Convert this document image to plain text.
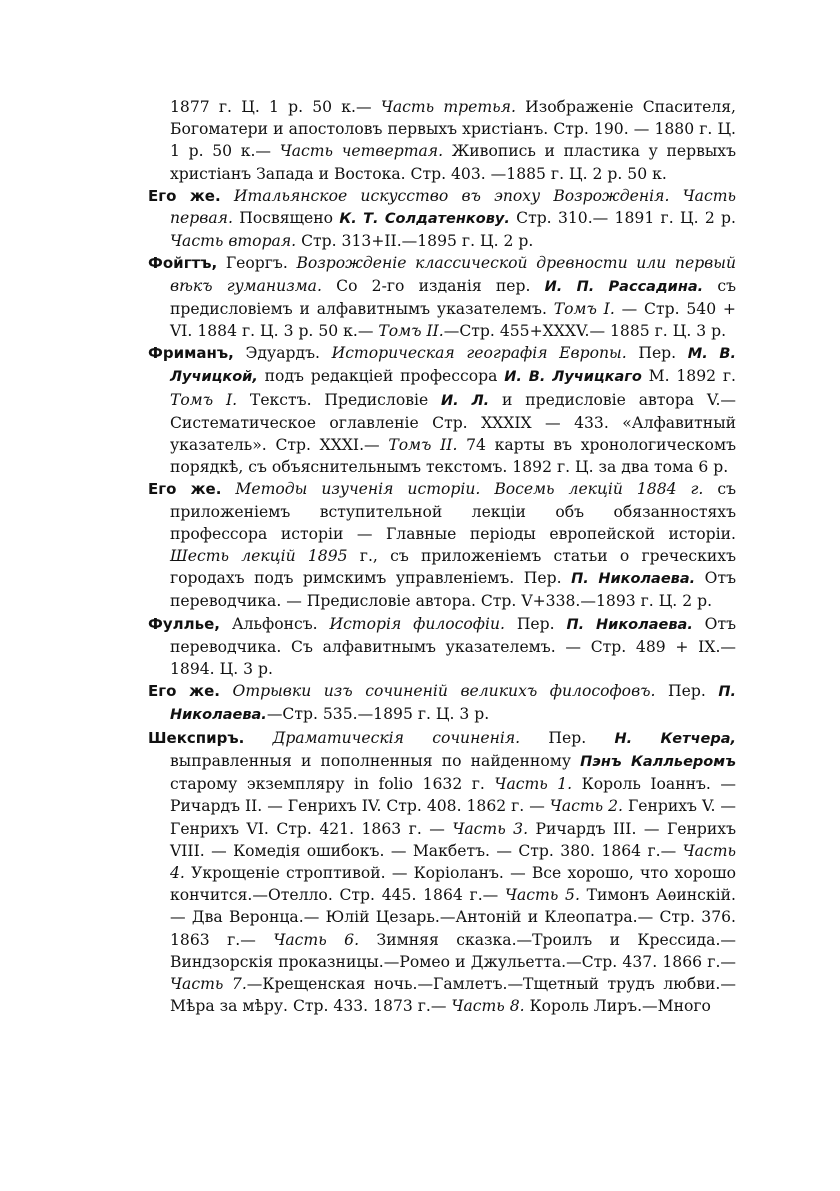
1877 г. Ц. 1 р. 50 к.— Часть третья. Изображеніе Спасителя, Богоматери и апостоловъ первыхъ христіанъ. Стр. 190. — 1880 г. Ц. 1 р. 50 к.— Часть четвертая. Живопись и пластика у первыхъ христіанъ Запада и Востока. Стр. 403. —1885 г. Ц. 2 р. 50 к.
Его же. Итальянское искусство въ эпоху Возрожденія. Часть первая. Посвящено К. Т. Солдатенкову. Стр. 310.— 1891 г. Ц. 2 р. Часть вторая. Стр. 313+II.—1895 г. Ц. 2 р.
Фойгтъ, Георгъ. Возрожденіе классической древности или первый вѣкъ гуманизма. Со 2-го изданія пер. И. П. Рассадина. съ предисловіемъ и алфавитнымъ указателемъ. Томъ I. — Стр. 540 + VI. 1884 г. Ц. 3 р. 50 к.— Томъ II.—Стр. 455+XXXV.— 1885 г. Ц. 3 р.
Фриманъ, Эдуардъ. Историческая географія Европы. Пер. М. В. Лучицкой, подъ редакціей профессора И. В. Лучицкаго М. 1892 г. Томъ I. Текстъ. Предисловіе И. Л. и предисловіе автора V.— Систематическое оглавленіе Стр. XXXIX — 433. «Алфавитный указатель». Стр. XXXI.— Томъ II. 74 карты въ хронологическомъ порядкѣ, съ объяснительнымъ текстомъ. 1892 г. Ц. за два тома 6 р.
Его же. Методы изученія исторіи. Восемь лекцій 1884 г. съ приложеніемъ вступительной лекціи объ обязанностяхъ профессора исторіи — Главные періоды европейской исторіи. Шесть лекцій 1895 г., съ приложеніемъ статьи о греческихъ городахъ подъ римскимъ управленіемъ. Пер. П. Николаева. Отъ переводчика. — Предисловіе автора. Стр. V+338.—1893 г. Ц. 2 р.
Фуллье, Альфонсъ. Исторія философіи. Пер. П. Николаева. Отъ переводчика. Съ алфавитнымъ указателемъ. — Стр. 489 + IX.—1894. Ц. 3 р.
Его же. Отрывки изъ сочиненій великихъ философовъ. Пер. П. Николаева.—Стр. 535.—1895 г. Ц. 3 р.
Шекспиръ. Драматическія сочиненія. Пер. Н. Кетчера, выправленныя и пополненныя по найденному Пэнъ Калльеромъ старому экземпляру in folio 1632 г. Часть 1. Король Іоаннъ. — Ричардъ II. — Генрихъ IV. Стр. 408. 1862 г. — Часть 2. Генрихъ V. — Генрихъ VI. Стр. 421. 1863 г. — Часть 3. Ричардъ III. — Генрихъ VIII. — Комедія ошибокъ. — Макбетъ. — Стр. 380. 1864 г.— Часть 4. Укрощеніе строптивой. — Коріоланъ. — Все хорошо, что хорошо кончится.—Отелло. Стр. 445. 1864 г.— Часть 5. Тимонъ Аѳинскій.— Два Веронца.— Юлій Цезарь.—Антоній и Клеопатра.— Стр. 376. 1863 г.— Часть 6. Зимняя сказка.—Троилъ и Крессида.— Виндзорскія проказницы.—Ромео и Джульетта.—Стр. 437. 1866 г.— Часть 7.—Крещенская ночь.—Гамлетъ.—Тщетный трудъ любви.— Мѣра за мѣру. Стр. 433. 1873 г.— Часть 8. Король Лиръ.—Много
